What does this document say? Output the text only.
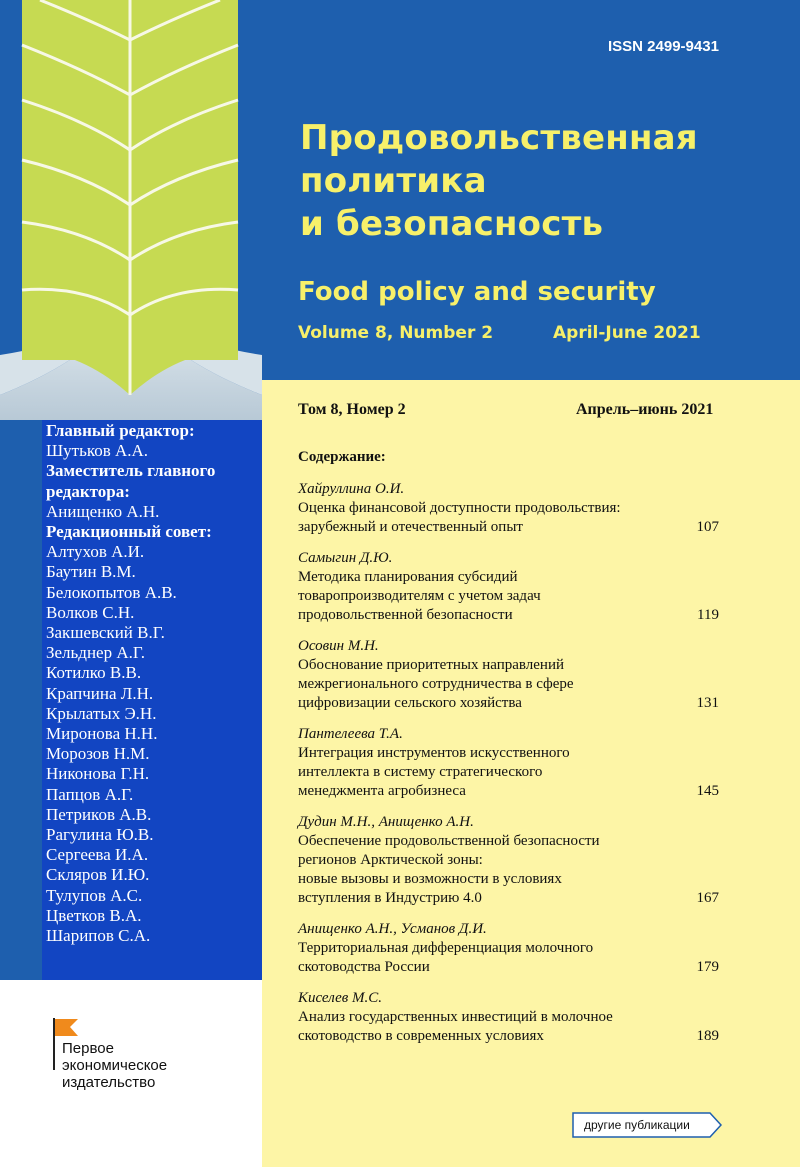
ISSN 2499-9431
Продовольственная
политика
и безопасность
Food policy and security
Volume 8, Number 2	April-June 2021
Том 8, Номер 2	Апрель–июнь 2021
Содержание:
Хайруллина О.И.
Оценка финансовой доступности продовольствия:
зарубежный и отечественный опыт	107
Самыгин Д.Ю.
Методика планирования субсидий
товаропроизводителям с учетом задач
продовольственной безопасности	119
Осовин М.Н.
Обоснование приоритетных направлений
межрегионального сотрудничества в сфере
цифровизации сельского хозяйства	131
Пантелеева Т.А.
Интеграция инструментов искусственного
интеллекта в систему стратегического
менеджмента агробизнеса	145
Дудин М.Н., Анищенко А.Н.
Обеспечение продовольственной безопасности
регионов Арктической зоны:
новые вызовы и возможности в условиях
вступления в Индустрию 4.0	167
Анищенко А.Н., Усманов Д.И.
Территориальная дифференциация молочного
скотоводства России	179
Киселев М.С.
Анализ государственных инвестиций в молочное
скотоводство в современных условиях	189
Главный редактор:
Шутьков А.А.
Заместитель главного
редактора:
Анищенко А.Н.
Редакционный совет:
Алтухов А.И.
Баутин В.М.
Белокопытов А.В.
Волков С.Н.
Закшевский В.Г.
Зельднер А.Г.
Котилко В.В.
Крапчина Л.Н.
Крылатых Э.Н.
Миронова Н.Н.
Морозов Н.М.
Никонова Г.Н.
Папцов А.Г.
Петриков А.В.
Рагулина Ю.В.
Сергеева И.А.
Скляров И.Ю.
Тулупов А.С.
Цветков В.А.
Шарипов С.А.
Первое
экономическое
издательство
другие публикации
